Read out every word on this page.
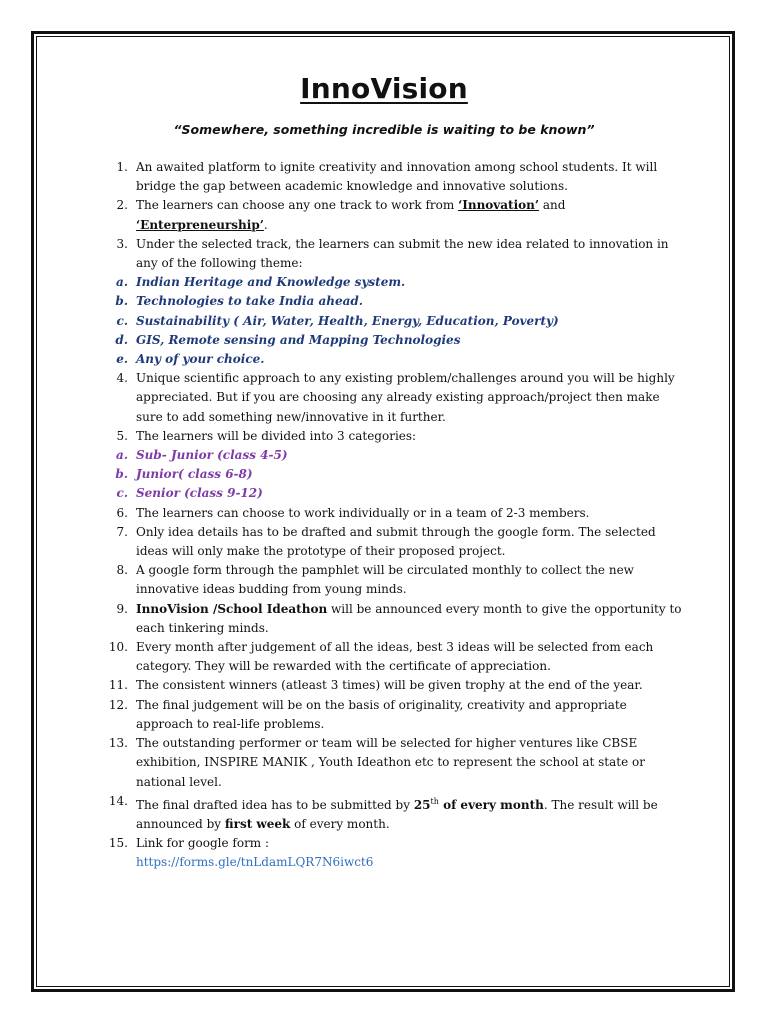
InnoVision
“Somewhere, something incredible is waiting to be known”
1. An awaited platform to ignite creativity and innovation among school students. It will bridge the gap between academic knowledge and innovative solutions.
2. The learners can choose any one track to work from ‘Innovation’ and ‘Enterpreneurship’.
3. Under the selected track, the learners can submit the new idea related to innovation in any of the following theme:
a. Indian Heritage and Knowledge system.
b. Technologies to take India ahead.
c. Sustainability ( Air, Water, Health, Energy, Education, Poverty)
d. GIS, Remote sensing and Mapping Technologies
e. Any of your choice.
4. Unique scientific approach to any existing problem/challenges around you will be highly appreciated. But if you are choosing any already existing approach/project then make sure to add something new/innovative in it further.
5. The learners will be divided into 3 categories:
a. Sub- Junior (class 4-5)
b. Junior( class 6-8)
c. Senior (class 9-12)
6. The learners can choose to work individually or in a team of 2-3 members.
7. Only idea details has to be drafted and submit through the google form. The selected ideas will only make the prototype of their proposed project.
8. A google form through the pamphlet will be circulated monthly to collect the new innovative ideas budding from young minds.
9. InnoVision /School Ideathon will be announced every month to give the opportunity to each tinkering minds.
10. Every month after judgement of all the ideas, best 3 ideas will be selected from each category. They will be rewarded with the certificate of appreciation.
11. The consistent winners (atleast 3 times) will be given trophy at the end of the year.
12. The final judgement will be on the basis of originality, creativity and appropriate approach to real-life problems.
13. The outstanding performer or team will be selected for higher ventures like CBSE exhibition, INSPIRE MANIK , Youth Ideathon etc to represent the school at state or national level.
14. The final drafted idea has to be submitted by 25th of every month. The result will be announced by first week of every month.
15. Link for google form :
https://forms.gle/tnLdamLQR7N6iwct6
